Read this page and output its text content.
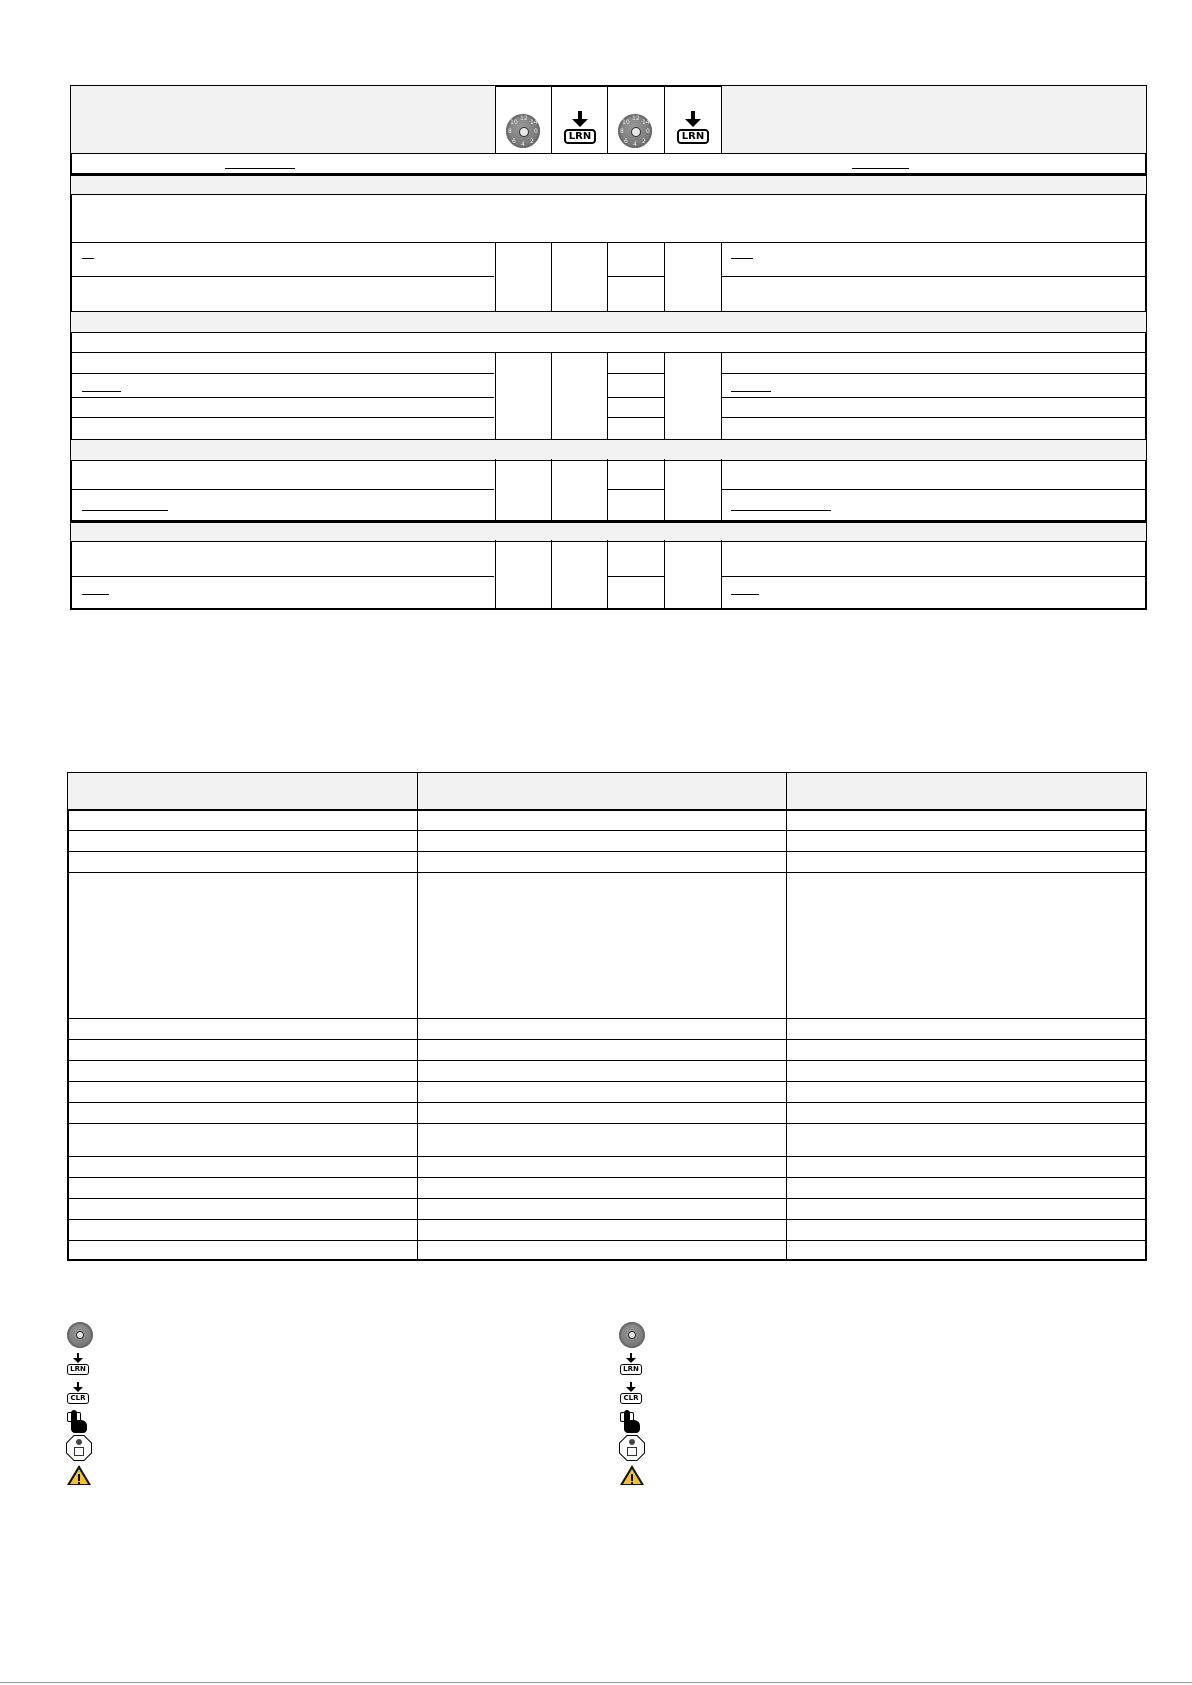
12
14
0
2
4
6
8
10
LRN
12
14
0
2
4
6
8
10
LRN
LRN
CLR
LRN
CLR
